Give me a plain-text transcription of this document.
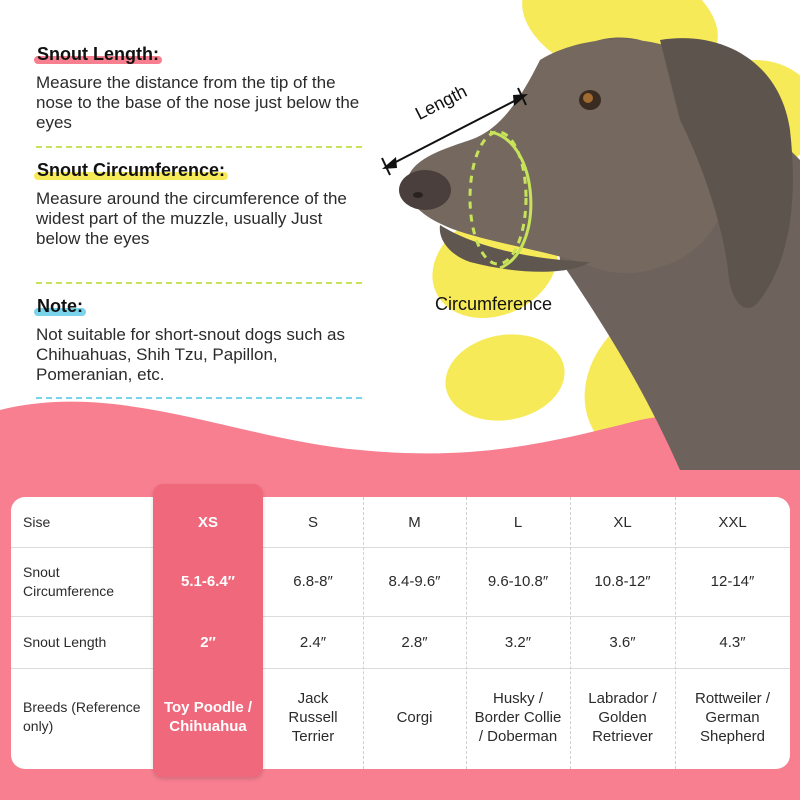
Length
Circumference
Snout Length:
Measure the distance from the tip of the nose to the base of the nose just below the eyes
Snout Circumference:
Measure around the circumference of the widest part of the muzzle, usually Just below the eyes
Note:
Not suitable for short-snout dogs such as Chihuahuas, Shih Tzu, Papillon, Pomeranian, etc.
Sise
Snout Circumference
Snout Length
Breeds (Reference only)
XS
5.1-6.4″
2″
Toy Poodle / Chihuahua
S
6.8-8″
2.4″
Jack Russell Terrier
M
8.4-9.6″
2.8″
Corgi
L
9.6-10.8″
3.2″
Husky / Border Collie / Doberman
XL
10.8-12″
3.6″
Labrador / Golden Retriever
XXL
12-14″
4.3″
Rottweiler / German Shepherd
